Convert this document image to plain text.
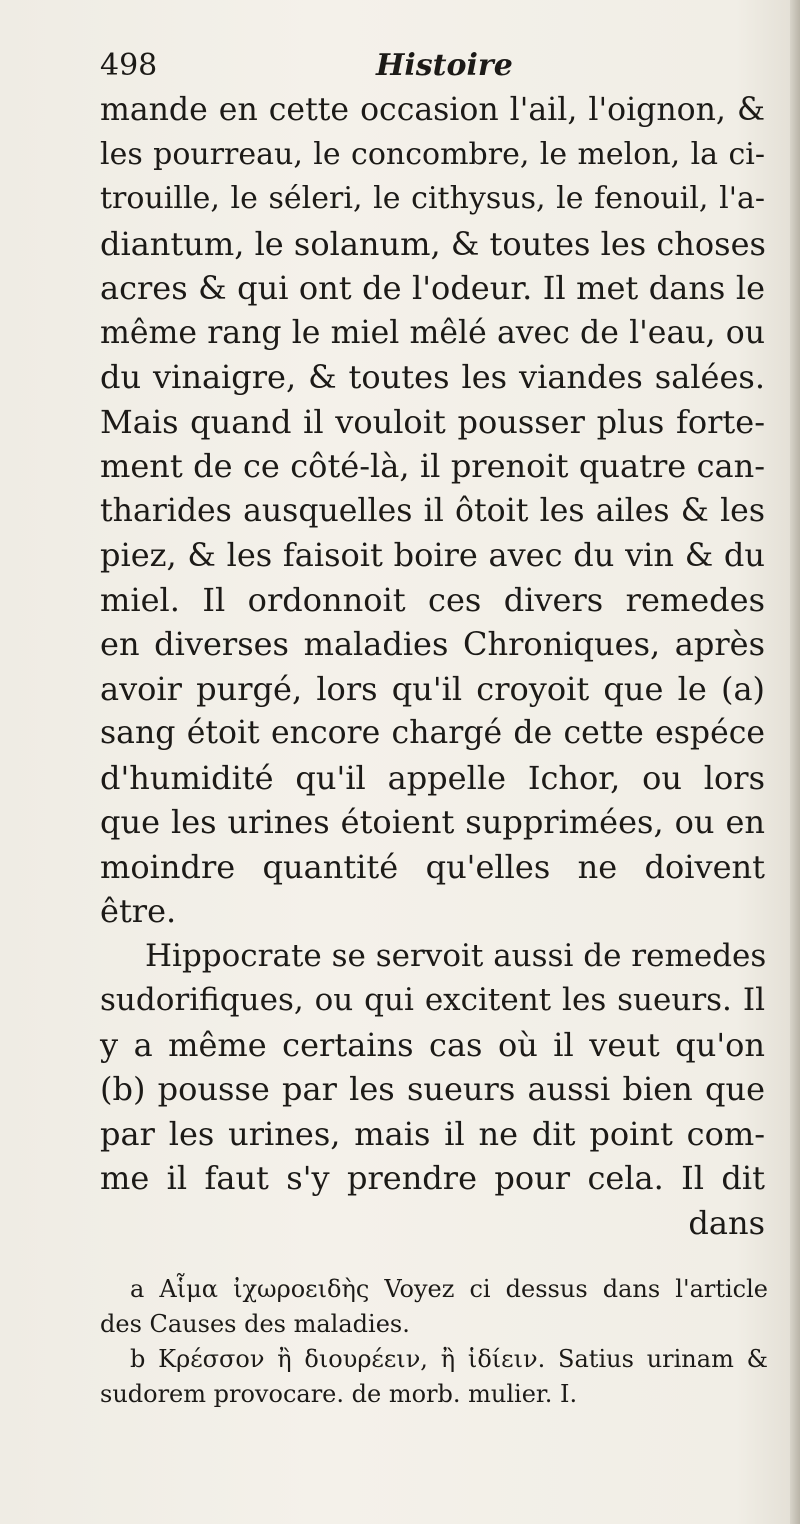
498	Histoire
mande en cette occasion l'ail, l'oignon, &
les pourreau, le concombre, le melon, la ci-
trouille, le séleri, le cithysus, le fenouil, l'a-
diantum, le solanum, & toutes les choses
acres & qui ont de l'odeur. Il met dans le
même rang le miel mêlé avec de l'eau, ou
du vinaigre, & toutes les viandes salées.
Mais quand il vouloit pousser plus forte-
ment de ce côté-là, il prenoit quatre can-
tharides ausquelles il ôtoit les ailes & les
piez, & les faisoit boire avec du vin & du
miel. Il ordonnoit ces divers remedes
en diverses maladies Chroniques, après
avoir purgé, lors qu'il croyoit que le (a)
sang étoit encore chargé de cette espéce
d'humidité qu'il appelle Ichor, ou lors
que les urines étoient supprimées, ou en
moindre quantité qu'elles ne doivent
être.
Hippocrate se servoit aussi de remedes
sudorifiques, ou qui excitent les sueurs. Il
y a même certains cas où il veut qu'on
(b) pousse par les sueurs aussi bien que
par les urines, mais il ne dit point com-
me il faut s'y prendre pour cela. Il dit
dans
a Αἷμα ἰχωροειδὴς Voyez ci dessus dans l'article
des Causes des maladies.
b Κρέσσον ἢ διουρέειν, ἢ ἱδίειν. Satius urinam &
sudorem provocare. de morb. mulier. I.
